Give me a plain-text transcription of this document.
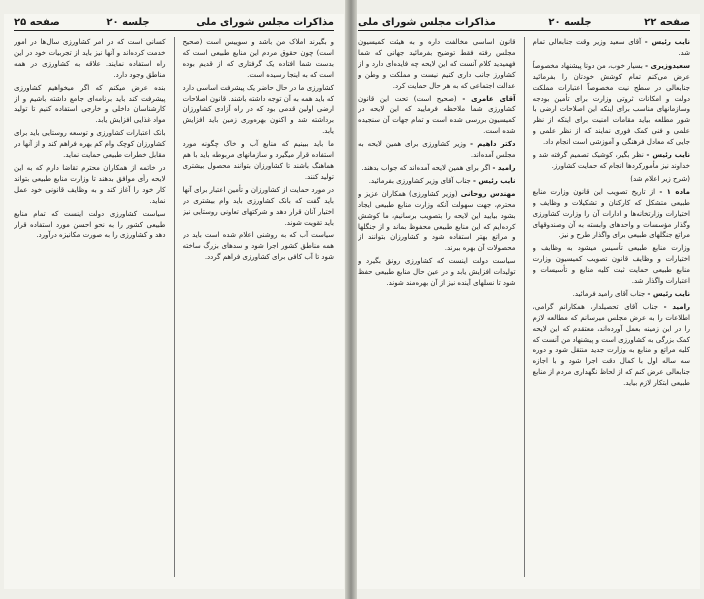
صفحه ۲۲
جلسه ۲۰
مذاکرات مجلس شورای ملی

نایب رئیس - آقای سعید وزیر وقت جنابعالی تمام شد.

سعیدوزیری - بسیار خوب، من دوتا پیشنهاد مخصوصاً عرض می‌کنم تمام کوشش خودتان را بفرمائید جنابعالی در سطح نیت مخصوصاً اعتبارات مملکت دولت و امکانات ثروتی وزارت برای تأمین بودجه وسازمانهای مناسب برای اینکه این اصلاحات ارضی با شور مطلعه بیاید مقامات امنیت برای اینکه از نظر علمی و فنی کمک فوری نمایند که از نظر علمی و جایی که معادل فرهنگی و آموزشی است انجام داد.

نایب رئیس - نظر بگیر، کوشیک تصمیم گرفته شد و خداوند نیز مأمورکردها انجام که حمایت کشاورز.

(شرح زیر اعلام شد)

ماده ۱ - از تاریخ تصویب این قانون وزارت منابع طبیعی متشکل که کارکنان و تشکیلات و وظایف و اختیارات وزارتخانه‌ها و ادارات آن را وزارت کشاورزی وگذار مؤسسات و واحدهای وابسته به آن وصندوقهای مراتع جنگلهای طبیعی برای واگذار طرح و نیز.

وزارت منابع طبیعی تأسیس میشود به وظایف و اختیارات و وظایف قانون تصویب کمیسیون وزارت منابع طبیعی حمایت ثبت کلیه منابع و تأسیسات و اعتبارات واگذار شد.

نایب رئیس - جناب آقای رامید فرمائید.

رامید - جناب آقای تحصیلدار، همکارانم گرامی، اطلاعات را به عرض مجلس میرسانم که مطالعه لازم را در این زمینه بعمل آورده‌اند، معتقدم که این لایحه کمک بزرگی به کشاورزی است و پیشنهاد من آنست که کلیه مراتع و منابع به وزارت جدید منتقل شود و دوره سه ساله اول با کمال دقت اجرا شود و با اجازه جنابعالی عرض کنم که از لحاظ نگهداری مردم از منابع طبیعی ابتکار لازم بیاید.

قانون اساسی مخالفت داره و به هیئت کمیسیون مجلس رفته فقط توضیح بفرمائید جهانی که شما فهمیدید کلام آنست که این لایحه چه فایده‌ای دارد و از کشاورز جانب داری کنیم نیست و مملکت و وطن و عدالت اجتماعی که به هر حال حمایت کرد.

آقای عامری - (صحیح است) تحت این قانون کشاورزی شما ملاحظه فرمایید که این لایحه در کمیسیون بررسی شده است و تمام جهات آن سنجیده شده است.

دکتر داهیم - وزیر کشاورزی برای همین لایحه به مجلس آمده‌اند.

رامید - اگر برای همین لایحه آمده‌اند که جواب بدهند.

نایب رئیس - جناب آقای وزیر کشاورزی بفرمائید.

مهندس روحانی (وزیر کشاورزی) همکاران عزیز و محترم، جهت سهولت آنکه وزارت منابع طبیعی ایجاد بشود بیایید این لایحه را بتصویب برسانیم، ما کوشش کرده‌ایم که این منابع طبیعی محفوظ بماند و از جنگلها و مراتع بهتر استفاده شود و کشاورزان بتوانند از محصولات آن بهره ببرند.

سیاست دولت اینست که کشاورزی رونق بگیرد و تولیدات افزایش یابد و در عین حال منابع طبیعی حفظ شود تا نسلهای آینده نیز از آن بهره‌مند شوند.

مذاکرات مجلس شورای ملی
جلسه ۲۰
صفحه ۲۵

و بگیرند املاک من باشد و سوییس است (صحیح است) چون حقوق مردم این منابع طبیعی است که بدست شما افتاده یک گرفتاری که از قدیم بوده است که به اینجا رسیده است.

کشاورزی ما در حال حاضر یک پیشرفت اساسی دارد که باید همه به آن توجه داشته باشند. قانون اصلاحات ارضی اولین قدمی بود که در راه آزادی کشاورزان برداشته شد و اکنون بهره‌وری زمین باید افزایش یابد.

ما باید ببینیم که منابع آب و خاک چگونه مورد استفاده قرار میگیرد و سازمانهای مربوطه باید با هم هماهنگ باشند تا کشاورزان بتوانند محصول بیشتری تولید کنند.

در مورد حمایت از کشاورزان و تأمین اعتبار برای آنها باید گفت که بانک کشاورزی باید وام بیشتری در اختیار آنان قرار دهد و شرکتهای تعاونی روستایی نیز باید تقویت شوند.

سیاست آب که به روشنی اعلام شده است باید در همه مناطق کشور اجرا شود و سدهای بزرگ ساخته شود تا آب کافی برای کشاورزی فراهم گردد.

کسانی است که در امر کشاورزی سال‌ها در امور خدمت کرده‌اند و آنها نیز باید از تجربیات خود در این راه استفاده نمایند. علاقه به کشاورزی در همه مناطق وجود دارد.

بنده عرض میکنم که اگر میخواهیم کشاورزی پیشرفت کند باید برنامه‌ای جامع داشته باشیم و از کارشناسان داخلی و خارجی استفاده کنیم تا تولید مواد غذایی افزایش یابد.

بانک اعتبارات کشاورزی و توسعه روستایی باید برای کشاورزان کوچک وام کم بهره فراهم کند و از آنها در مقابل خطرات طبیعی حمایت نماید.

در خاتمه از همکاران محترم تقاضا دارم که به این لایحه رأی موافق بدهند تا وزارت منابع طبیعی بتواند کار خود را آغاز کند و به وظایف قانونی خود عمل نماید.

سیاست کشاورزی دولت اینست که تمام منابع طبیعی کشور را به نحو احسن مورد استفاده قرار دهد و کشاورزی را به صورت مکانیزه درآورد.
